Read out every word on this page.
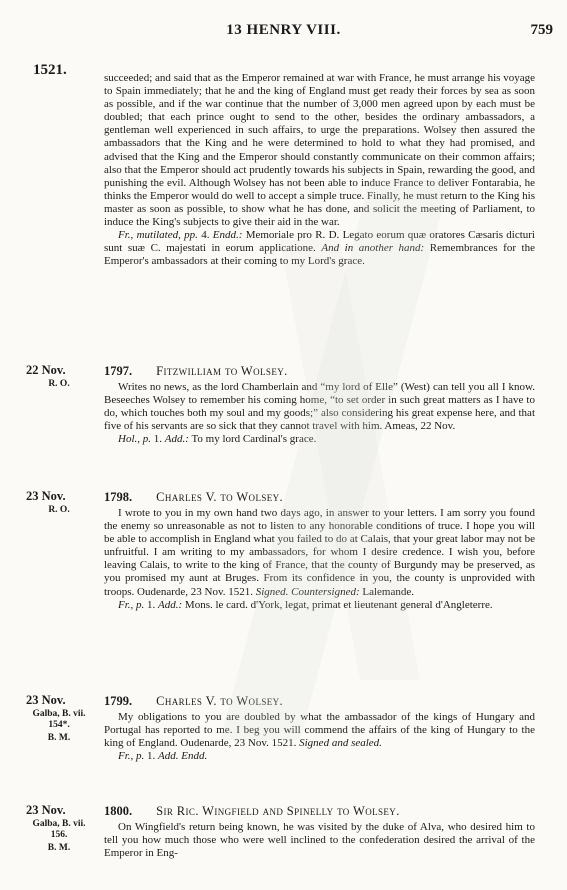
13 HENRY VIII.	759
1521.	succeeded; and said that as the Emperor remained at war with France, he must arrange his voyage to Spain immediately; that he and the king of England must get ready their forces by sea as soon as possible, and if the war continue that the number of 3,000 men agreed upon by each must be doubled; that each prince ought to send to the other, besides the ordinary ambassadors, a gentleman well experienced in such affairs, to urge the preparations. Wolsey then assured the ambassadors that the King and he were determined to hold to what they had promised, and advised that the King and the Emperor should constantly communicate on their common affairs; also that the Emperor should act prudently towards his subjects in Spain, rewarding the good, and punishing the evil. Although Wolsey has not been able to induce France to deliver Fontarabia, he thinks the Emperor would do well to accept a simple truce. Finally, he must return to the King his master as soon as possible, to show what he has done, and solicit the meeting of Parliament, to induce the King's subjects to give their aid in the war.

Fr., mutilated, pp. 4. Endd.: Memoriale pro R. D. Legato eorum quæ oratores Cæsaris dicturi sunt suæ C. majestati in eorum applicatione. And in another hand: Remembrances for the Emperor's ambassadors at their coming to my Lord's grace.

22 Nov.
R. O.
1797. Fitzwilliam to Wolsey.

Writes no news, as the lord Chamberlain and “my lord of Elle” (West) can tell you all I know. Beseeches Wolsey to remember his coming home, “to set order in such great matters as I have to do, which touches both my soul and my goods;” also considering his great expense here, and that five of his servants are so sick that they cannot travel with him. Ameas, 22 Nov.

Hol., p. 1. Add.: To my lord Cardinal's grace.

23 Nov.
R. O.
1798. Charles V. to Wolsey.

I wrote to you in my own hand two days ago, in answer to your letters. I am sorry you found the enemy so unreasonable as not to listen to any honorable conditions of truce. I hope you will be able to accomplish in England what you failed to do at Calais, that your great labor may not be unfruitful. I am writing to my ambassadors, for whom I desire credence. I wish you, before leaving Calais, to write to the king of France, that the county of Burgundy may be preserved, as you promised my aunt at Bruges. From its confidence in you, the county is unprovided with troops. Oudenarde, 23 Nov. 1521. Signed. Countersigned: Lalemande.

Fr., p. 1. Add.: Mons. le card. d'York, legat, primat et lieutenant general d'Angleterre.

23 Nov.
Galba, B. vii.
154*.
B. M.
1799. Charles V. to Wolsey.

My obligations to you are doubled by what the ambassador of the kings of Hungary and Portugal has reported to me. I beg you will commend the affairs of the king of Hungary to the king of England. Oudenarde, 23 Nov. 1521. Signed and sealed.

Fr., p. 1. Add. Endd.

23 Nov.
Galba, B. vii.
156.
B. M.
1800. Sir Ric. Wingfield and Spinelly to Wolsey.

On Wingfield's return being known, he was visited by the duke of Alva, who desired him to tell you how much those who were well inclined to the confederation desired the arrival of the Emperor in Eng-
